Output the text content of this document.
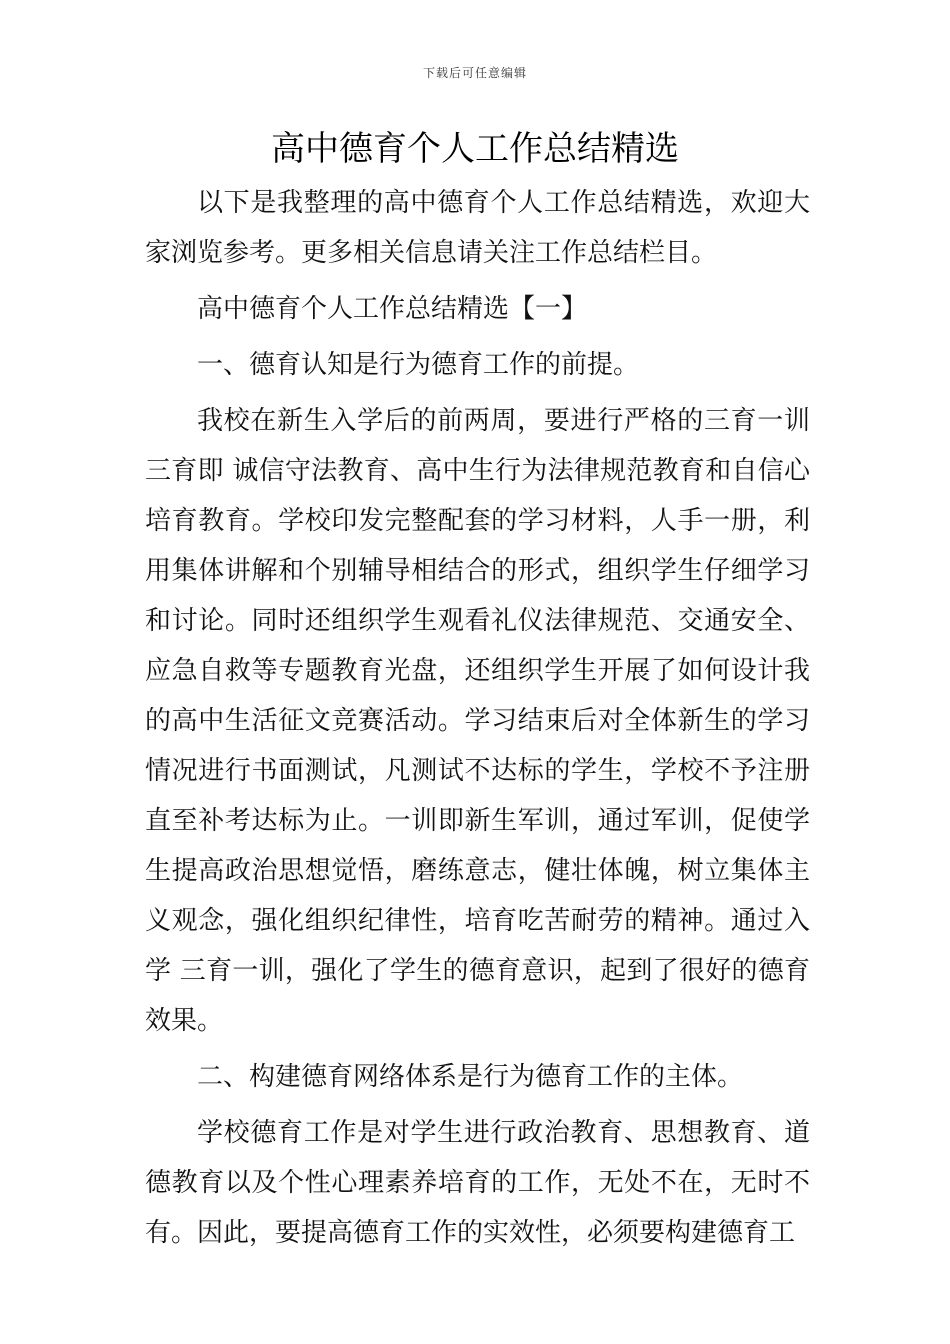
下载后可任意编辑
高中德育个人工作总结精选

以下是我整理的高中德育个人工作总结精选，欢迎大家浏览参考。更多相关信息请关注工作总结栏目。

高中德育个人工作总结精选【一】

一、德育认知是行为德育工作的前提。

我校在新生入学后的前两周，要进行严格的三育一训三育即 诚信守法教育、高中生行为法律规范教育和自信心培育教育。学校印发完整配套的学习材料，人手一册，利用集体讲解和个别辅导相结合的形式，组织学生仔细学习和讨论。同时还组织学生观看礼仪法律规范、交通安全、应急自救等专题教育光盘，还组织学生开展了如何设计我的高中生活征文竞赛活动。学习结束后对全体新生的学习情况进行书面测试，凡测试不达标的学生，学校不予注册直至补考达标为止。一训即新生军训，通过军训，促使学生提高政治思想觉悟，磨练意志，健壮体魄，树立集体主义观念，强化组织纪律性，培育吃苦耐劳的精神。通过入学 三育一训，强化了学生的德育意识，起到了很好的德育效果。

二、构建德育网络体系是行为德育工作的主体。

学校德育工作是对学生进行政治教育、思想教育、道德教育以及个性心理素养培育的工作，无处不在，无时不有。因此，要提高德育工作的实效性，必须要构建德育工
